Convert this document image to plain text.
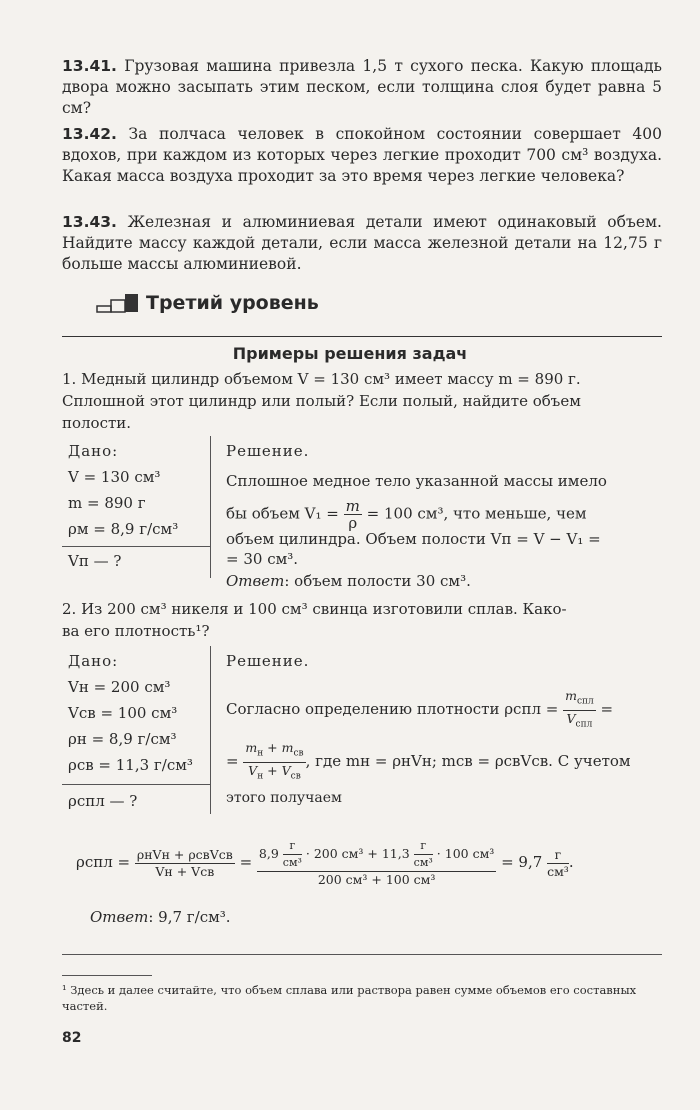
13.41. Грузовая машина привезла 1,5 т сухого песка. Какую площадь двора можно засыпать этим песком, если толщина слоя будет равна 5 см?

13.42. За полчаса человек в спокойном состоянии совершает 400 вдохов, при каждом из которых через легкие проходит 700 см³ воздуха. Какая масса воздуха проходит за это время через легкие человека?

13.43. Железная и алюминиевая детали имеют одинаковый объем. Найдите массу каждой детали, если масса железной детали на 12,75 г больше массы алюминиевой.

Третий уровень
Примеры решения задач
1. Медный цилиндр объемом V = 130 см³ имеет массу m = 890 г.
Сплошной этот цилиндр или полый? Если полый, найдите объем
полости.
Дано:
V = 130 см³
m = 890 г
ρм = 8,9 г/см³
Vп — ?
Решение.
Сплошное медное тело указанной массы имело
бы объем $V_1 = \frac{m}{\rho} = 100$ см³, что меньше, чем
объем цилиндра. Объем полости Vп = V − V₁ =
= 30 см³.
Ответ: объем полости 30 см³.
2. Из 200 см³ никеля и 100 см³ свинца изготовили сплав. Како-
ва его плотность¹?
Дано:
Vн = 200 см³
Vсв = 100 см³
ρн = 8,9 г/см³
ρсв = 11,3 г/см³
ρспл — ?
Решение.
Согласно определению плотности $\rho спл = \frac{m_{спл}}{V_{спл}}$ =
= $\frac{m_н + m_{св}}{V_н + V_{св}}$ , где mн = ρнVн; mсв = ρсвVсв. С учетом
этого получаем
$\rho спл = \frac{\text{ρнVн + ρсвVсв}}{\text{Vн + Vсв}} = \frac{8,9 \frac{г}{\text{см³}} \cdot 200 см^3 + 11,3 \frac{г}{\text{см³}} \cdot 100 см^3}{\text{200 см³ + 100 см³}} = 9,7 \frac{г}{\text{см³}}$ .
Ответ: 9,7 г/см³.

¹ Здесь и далее считайте, что объем сплава или раствора равен сумме объемов его составных частей.

82
